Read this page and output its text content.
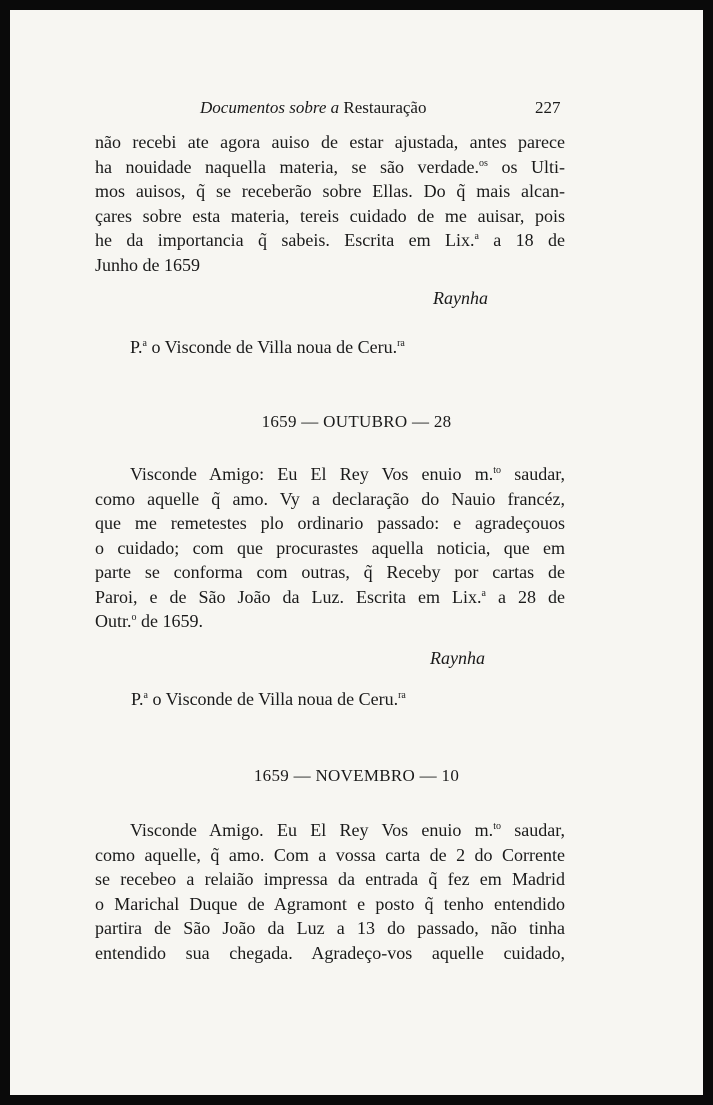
Documentos sobre a Restauração	227
não recebi ate agora auiso de estar ajustada, antes parece
ha nouidade naquella materia, se são verdade.$^{os}$ os Ulti-
mos auisos, q̃ se receberão sobre Ellas. Do q̃ mais alcan-
çares sobre esta materia, tereis cuidado de me auisar, pois
he da importancia q̃ sabeis. Escrita em Lix.$^a$ a 18 de
Junho de 1659
Raynha
P.$^a$ o Visconde de Villa noua de Ceru.$^{ra}$
1659 — OUTUBRO — 28
Visconde Amigo: Eu El Rey Vos enuio m.$^{to}$ saudar,
como aquelle q̃ amo. Vy a declaração do Nauio francéz,
que me remetestes plo ordinario passado: e agradeçouos
o cuidado; com que procurastes aquella noticia, que em
parte se conforma com outras, q̃ Receby por cartas de
Paroi, e de São João da Luz. Escrita em Lix.$^a$ a 28 de
Outr.$^o$ de 1659.
Raynha
P.$^a$ o Visconde de Villa noua de Ceru.$^{ra}$
1659 — NOVEMBRO — 10
Visconde Amigo. Eu El Rey Vos enuio m.$^{to}$ saudar,
como aquelle, q̃ amo. Com a vossa carta de 2 do Corrente
se recebeo a relaião impressa da entrada q̃ fez em Madrid
o Marichal Duque de Agramont e posto q̃ tenho entendido
partira de São João da Luz a 13 do passado, não tinha
entendido sua chegada. Agradeço-vos aquelle cuidado,
